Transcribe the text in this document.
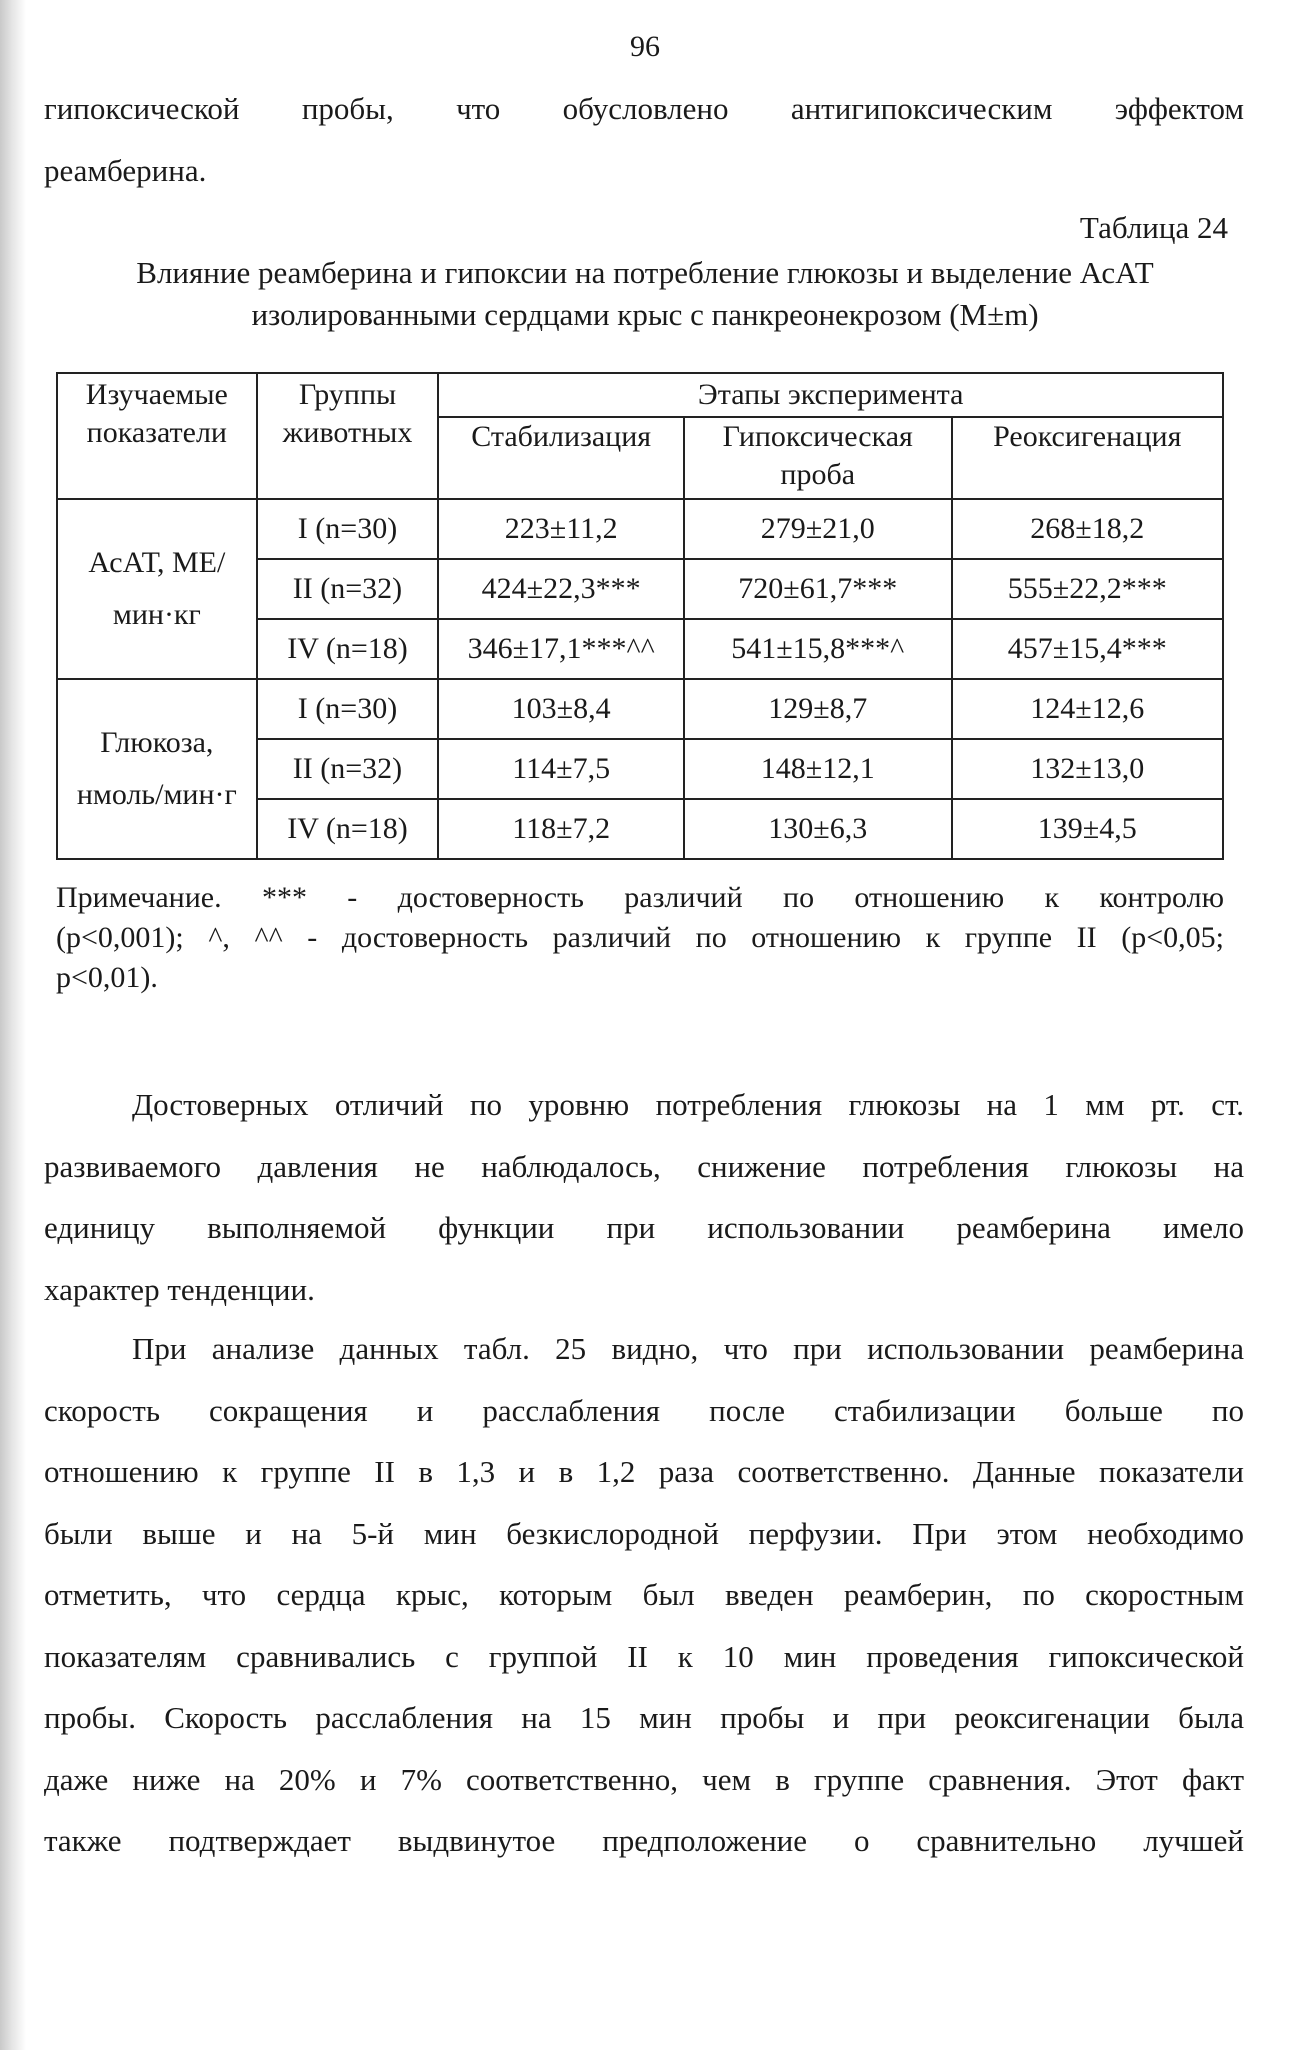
96
гипоксической пробы, что обусловлено антигипоксическим эффектом
реамберина.
Таблица 24
Влияние реамберина и гипоксии на потребление глюкозы и выделение АсАТ
изолированными сердцами крыс с панкреонекрозом (M±m)
Изучаемые показатели	Группы животных	Этапы эксперимента		
		Стабилизация	Гипоксическая проба	Реоксигенация
АсАТ, МЕ/мин·кг	I (n=30)	223±11,2	279±21,0	268±18,2
	II (n=32)	424±22,3***	720±61,7***	555±22,2***
	IV (n=18)	346±17,1***^^	541±15,8***^	457±15,4***
Глюкоза, нмоль/мин·г	I (n=30)	103±8,4	129±8,7	124±12,6
	II (n=32)	114±7,5	148±12,1	132±13,0
	IV (n=18)	118±7,2	130±6,3	139±4,5
Примечание. *** - достоверность различий по отношению к контролю
(p<0,001); ^, ^^ - достоверность различий по отношению к группе II (p<0,05;
p<0,01).
Достоверных отличий по уровню потребления глюкозы на 1 мм рт. ст.
развиваемого давления не наблюдалось, снижение потребления глюкозы на
единицу выполняемой функции при использовании реамберина имело
характер тенденции.
При анализе данных табл. 25 видно, что при использовании реамберина
скорость сокращения и расслабления после стабилизации больше по
отношению к группе II в 1,3 и в 1,2 раза соответственно. Данные показатели
были выше и на 5-й мин безкислородной перфузии. При этом необходимо
отметить, что сердца крыс, которым был введен реамберин, по скоростным
показателям сравнивались с группой II к 10 мин проведения гипоксической
пробы. Скорость расслабления на 15 мин пробы и при реоксигенации была
даже ниже на 20% и 7% соответственно, чем в группе сравнения. Этот факт
также подтверждает выдвинутое предположение о сравнительно лучшей
